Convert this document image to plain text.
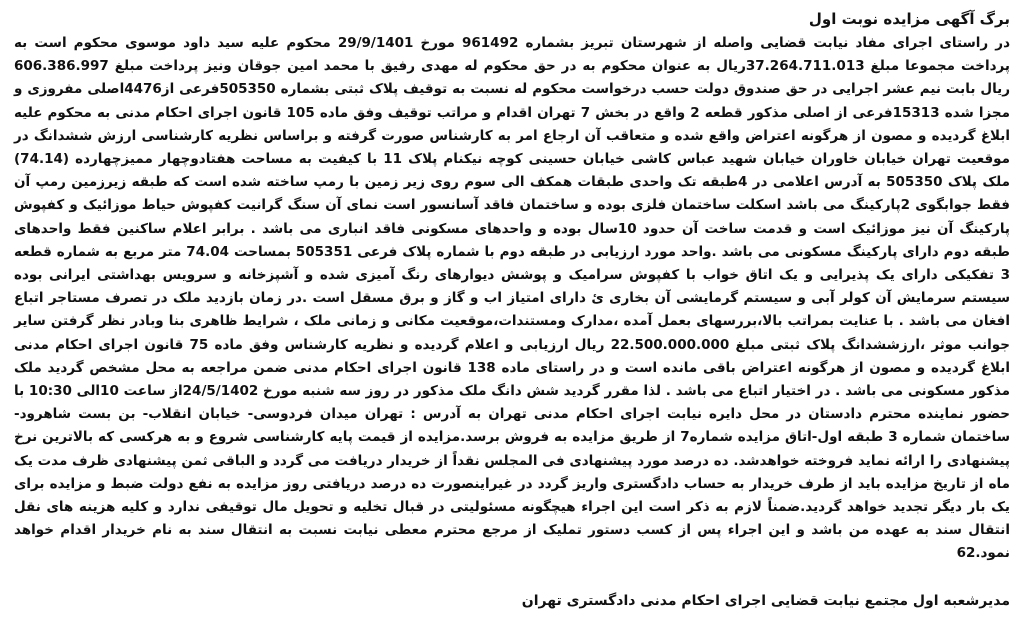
برگ آگهی مزایده نوبت اول

در راستای اجرای مفاد نیابت قضایی واصله از شهرستان تبریز بشماره 961492 مورخ 29/9/1401 محکوم علیه سید داود موسوی محکوم است به پرداخت مجموعا مبلغ 37.264.711.013ریال به عنوان محکوم به در حق محکوم له مهدی رفیق با محمد امین جوقان ونیز پرداخت مبلغ 606.386.997 ریال بابت نیم عشر اجرایی در حق صندوق دولت حسب درخواست محکوم له نسبت به توقیف پلاک ثبتی بشماره 505350فرعی از4476اصلی مفروزی و مجزا شده 15313فرعی از اصلی مذکور قطعه 2 واقع در بخش 7 تهران اقدام و مراتب توقیف وفق ماده 105 قانون اجرای احکام مدنی به محکوم علیه ابلاغ گردیده و مصون از هرگونه اعتراض واقع شده و متعاقب آن ارجاع امر به کارشناس صورت گرفته و براساس نظریه کارشناسی ارزش ششدانگ در موقعیت تهران خیابان خاوران خیابان شهید عباس کاشی خیابان حسینی کوچه نیکنام پلاک 11 با کیفیت به مساحت هفتادوچهار ممیزچهارده (74.14) ملک پلاک 505350 به آدرس اعلامی در 4طبقه تک واحدی طبقات همکف الی سوم روی زیر زمین با رمپ ساخته شده است که طبقه زیرزمین رمپ آن فقط جوابگوی 2پارکینگ می باشد اسکلت ساختمان فلزی بوده و ساختمان فاقد آسانسور است نمای آن سنگ گرانیت کفپوش حیاط موزائیک و کفپوش پارکینگ آن نیز موزائیک است و قدمت ساخت آن حدود 10سال بوده و واحدهای مسکونی فاقد انباری می باشد . برابر اعلام ساکنین فقط واحدهای طبقه دوم دارای پارکینگ مسکونی می باشد .واحد مورد ارزیابی در طبقه دوم با شماره پلاک فرعی 505351 بمساحت 74.04 متر مربع به شماره قطعه 3 تفکیکی دارای یک پذیرایی و یک اتاق خواب با کفپوش سرامیک و پوشش دیوارهای رنگ آمیزی شده و آشپزخانه و سرویس بهداشتی ایرانی بوده سیستم سرمایش آن کولر آبی و سیستم گرمایشی آن بخاری ئ دارای امتیاز اب و گاز و برق مسقل است .در زمان بازدید ملک در تصرف مستاجر اتباع افغان می باشد . با عنایت بمراتب بالا،بررسهای بعمل آمده ،مدارک ومستندات،موقعیت مکانی و زمانی ملک ، شرایط ظاهری بنا وبادر نظر گرفتن سایر جوانب موثر ،ارزششدانگ پلاک ثبتی مبلغ 22.500.000.000 ریال ارزیابی و اعلام گردیده و نظریه کارشناس وفق ماده 75 قانون اجرای احکام مدنی ابلاغ گردیده و مصون از هرگونه اعتراض باقی مانده است و در راستای ماده 138 قانون اجرای احکام مدنی ضمن مراجعه به محل مشخص گردید ملک مذکور مسکونی می باشد . در اختیار اتباع می باشد . لذا مقرر گردید شش دانگ ملک مذکور در روز سه شنبه مورخ 24/5/1402از ساعت 10الی 10:30 با حضور نماینده محترم دادستان در محل دایره نیابت اجرای احکام مدنی تهران به آدرس : تهران میدان فردوسی- خیابان انقلاب- بن بست شاهرود- ساختمان شماره 3 طبقه اول-اتاق مزایده شماره7 از طریق مزایده به فروش برسد.مزایده از قیمت پایه کارشناسی شروع و به هرکسی که بالاترین نرخ پیشنهادی را ارائه نماید فروخته خواهدشد. ده درصد مورد پیشنهادی فی المجلس نقداً از خریدار دریافت می گردد و الباقی ثمن پیشنهادی ظرف مدت یک ماه از تاریخ مزایده باید از طرف خریدار به حساب دادگستری واریز گردد در غیراینصورت ده درصد دریافتی روز مزایده به نفع دولت ضبط و مزایده برای یک بار دیگر تجدید خواهد گردید.ضمناً لازم به ذکر است این اجراء هیچگونه مسئولیتی در قبال تخلیه و تحویل مال توقیفی ندارد و کلیه هزینه های نقل انتقال سند به عهده من باشد و این اجراء پس از کسب دستور تملیک از مرجع محترم معطی نیابت نسبت به انتقال سند به نام خریدار اقدام خواهد نمود.62

مدیرشعبه اول مجتمع نیابت قضایی اجرای احکام مدنی دادگستری تهران
